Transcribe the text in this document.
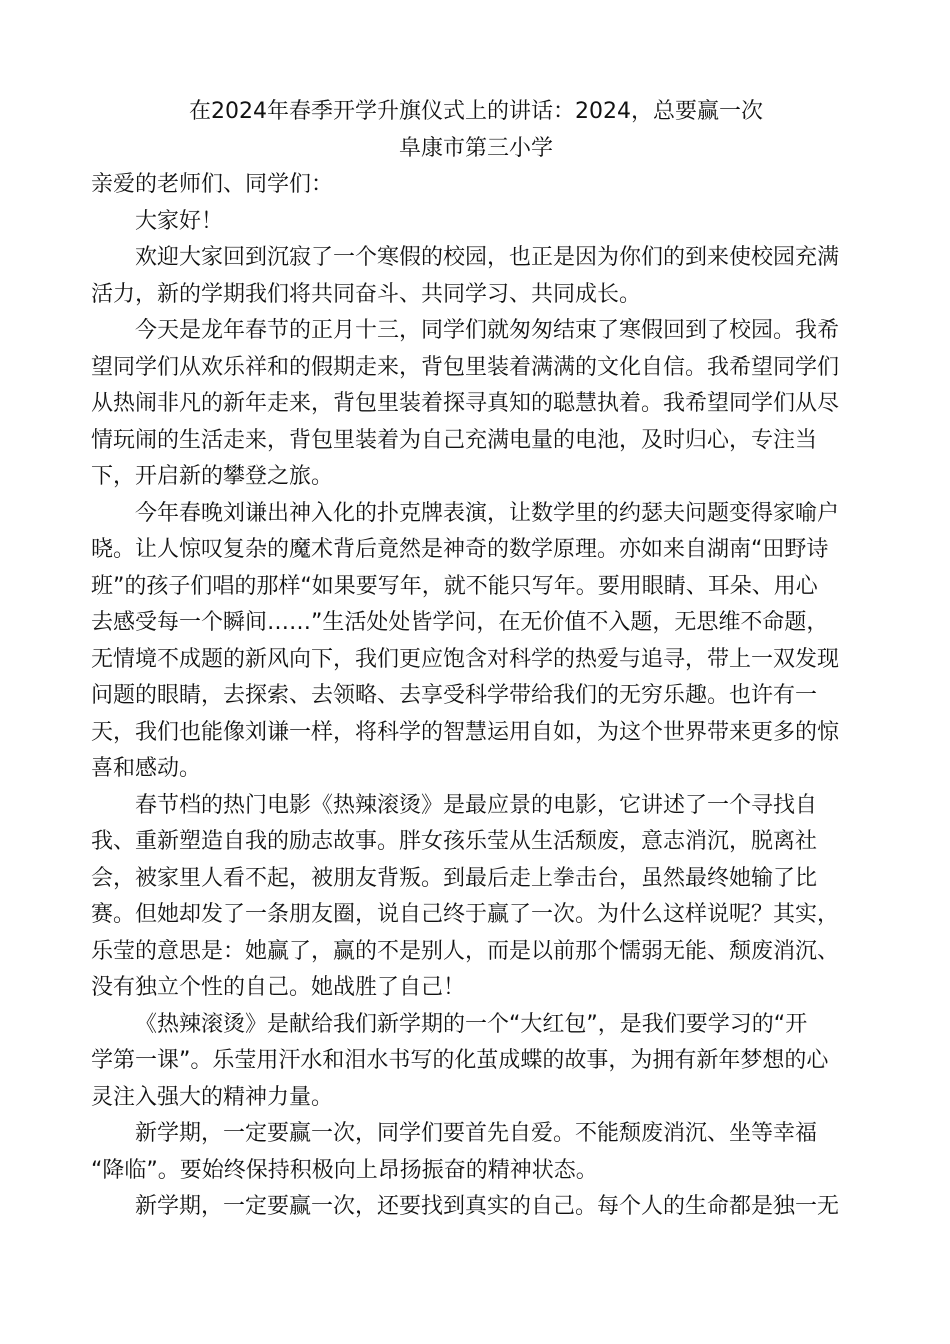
在2024年春季开学升旗仪式上的讲话：2024，总要赢一次
阜康市第三小学

亲爱的老师们、同学们：

大家好！

欢迎大家回到沉寂了一个寒假的校园，也正是因为你们的到来使校园充满

活力，新的学期我们将共同奋斗、共同学习、共同成长。

今天是龙年春节的正月十三，同学们就匆匆结束了寒假回到了校园。我希

望同学们从欢乐祥和的假期走来，背包里装着满满的文化自信。我希望同学们

从热闹非凡的新年走来，背包里装着探寻真知的聪慧执着。我希望同学们从尽

情玩闹的生活走来，背包里装着为自己充满电量的电池，及时归心，专注当

下，开启新的攀登之旅。

今年春晚刘谦出神入化的扑克牌表演，让数学里的约瑟夫问题变得家喻户

晓。让人惊叹复杂的魔术背后竟然是神奇的数学原理。亦如来自湖南“田野诗

班”的孩子们唱的那样“如果要写年，就不能只写年。要用眼睛、耳朵、用心

去感受每一个瞬间……”生活处处皆学问，在无价值不入题，无思维不命题，

无情境不成题的新风向下，我们更应饱含对科学的热爱与追寻，带上一双发现

问题的眼睛，去探索、去领略、去享受科学带给我们的无穷乐趣。也许有一

天，我们也能像刘谦一样，将科学的智慧运用自如，为这个世界带来更多的惊

喜和感动。

春节档的热门电影《热辣滚烫》是最应景的电影，它讲述了一个寻找自

我、重新塑造自我的励志故事。胖女孩乐莹从生活颓废，意志消沉，脱离社

会，被家里人看不起，被朋友背叛。到最后走上拳击台，虽然最终她输了比

赛。但她却发了一条朋友圈，说自己终于赢了一次。为什么这样说呢？其实，

乐莹的意思是：她赢了，赢的不是别人，而是以前那个懦弱无能、颓废消沉、

没有独立个性的自己。她战胜了自己！

《热辣滚烫》是献给我们新学期的一个“大红包”，是我们要学习的“开

学第一课”。乐莹用汗水和泪水书写的化茧成蝶的故事，为拥有新年梦想的心

灵注入强大的精神力量。

新学期，一定要赢一次，同学们要首先自爱。不能颓废消沉、坐等幸福

“降临”。要始终保持积极向上昂扬振奋的精神状态。

新学期，一定要赢一次，还要找到真实的自己。每个人的生命都是独一无
